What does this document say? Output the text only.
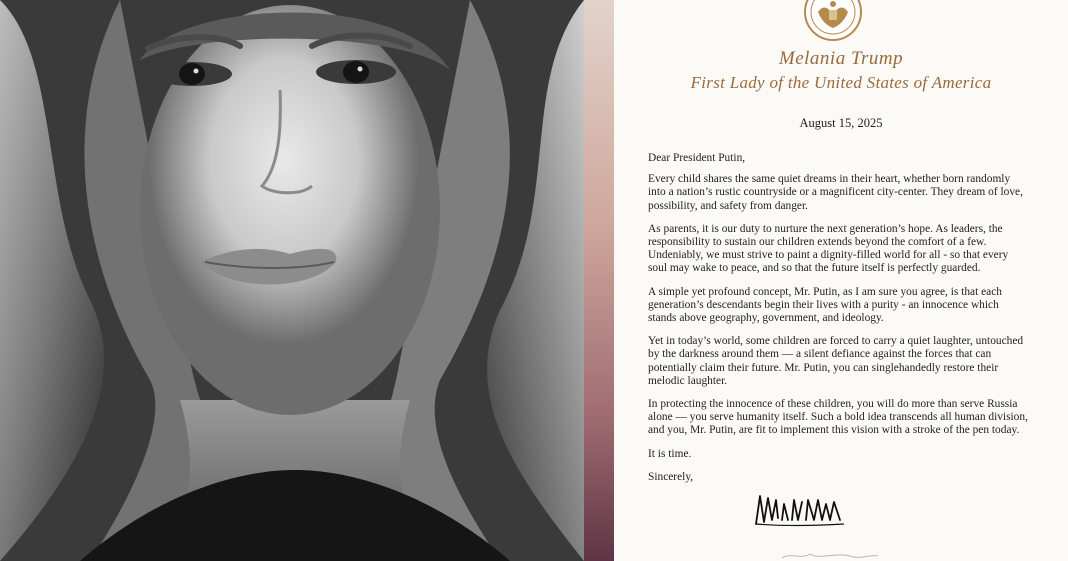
Melania Trump
First Lady of the United States of America
August 15, 2025

Dear President Putin,

Every child shares the same quiet dreams in their heart, whether born randomly into a nation’s rustic countryside or a magnificent city-center. They dream of love, possibility, and safety from danger.

As parents, it is our duty to nurture the next generation’s hope. As leaders, the responsibility to sustain our children extends beyond the comfort of a few. Undeniably, we must strive to paint a dignity-filled world for all - so that every soul may wake to peace, and so that the future itself is perfectly guarded.

A simple yet profound concept, Mr. Putin, as I am sure you agree, is that each generation’s descendants begin their lives with a purity - an innocence which stands above geography, government, and ideology.

Yet in today’s world, some children are forced to carry a quiet laughter, untouched by the darkness around them — a silent defiance against the forces that can potentially claim their future. Mr. Putin, you can singlehandedly restore their melodic laughter.

In protecting the innocence of these children, you will do more than serve Russia alone — you serve humanity itself. Such a bold idea transcends all human division, and you, Mr. Putin, are fit to implement this vision with a stroke of the pen today.

It is time.

Sincerely,
